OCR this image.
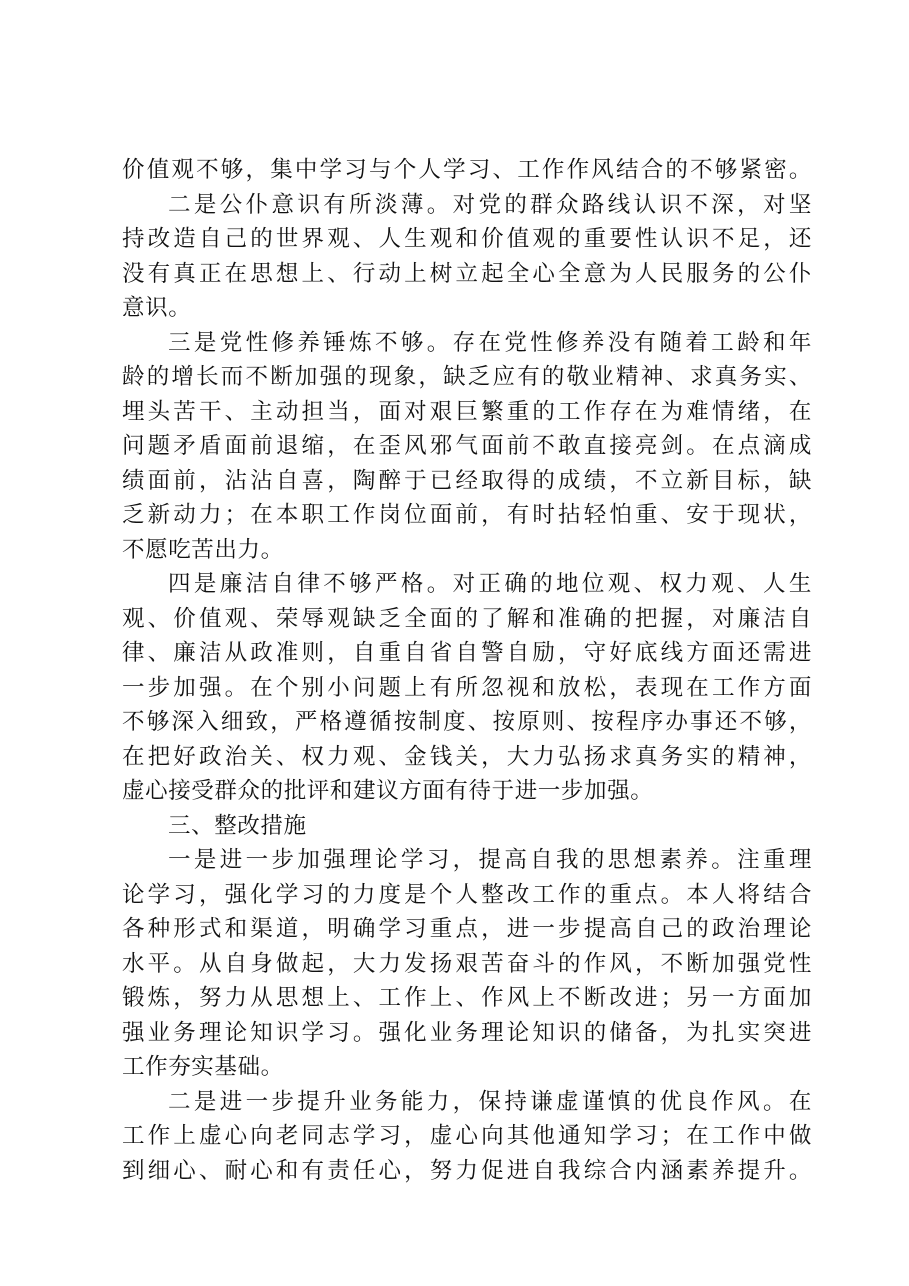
价值观不够，集中学习与个人学习、工作作风结合的不够紧密。
二是公仆意识有所淡薄。对党的群众路线认识不深，对坚
持改造自己的世界观、人生观和价值观的重要性认识不足，还
没有真正在思想上、行动上树立起全心全意为人民服务的公仆
意识。
三是党性修养锤炼不够。存在党性修养没有随着工龄和年
龄的增长而不断加强的现象，缺乏应有的敬业精神、求真务实、
埋头苦干、主动担当，面对艰巨繁重的工作存在为难情绪，在
问题矛盾面前退缩，在歪风邪气面前不敢直接亮剑。在点滴成
绩面前，沾沾自喜，陶醉于已经取得的成绩，不立新目标，缺
乏新动力；在本职工作岗位面前，有时拈轻怕重、安于现状，
不愿吃苦出力。
四是廉洁自律不够严格。对正确的地位观、权力观、人生
观、价值观、荣辱观缺乏全面的了解和准确的把握，对廉洁自
律、廉洁从政准则，自重自省自警自励，守好底线方面还需进
一步加强。在个别小问题上有所忽视和放松，表现在工作方面
不够深入细致，严格遵循按制度、按原则、按程序办事还不够，
在把好政治关、权力观、金钱关，大力弘扬求真务实的精神，
虚心接受群众的批评和建议方面有待于进一步加强。
三、整改措施
一是进一步加强理论学习，提高自我的思想素养。注重理
论学习，强化学习的力度是个人整改工作的重点。本人将结合
各种形式和渠道，明确学习重点，进一步提高自己的政治理论
水平。从自身做起，大力发扬艰苦奋斗的作风，不断加强党性
锻炼，努力从思想上、工作上、作风上不断改进；另一方面加
强业务理论知识学习。强化业务理论知识的储备，为扎实突进
工作夯实基础。
二是进一步提升业务能力，保持谦虚谨慎的优良作风。在
工作上虚心向老同志学习，虚心向其他通知学习；在工作中做
到细心、耐心和有责任心，努力促进自我综合内涵素养提升。
